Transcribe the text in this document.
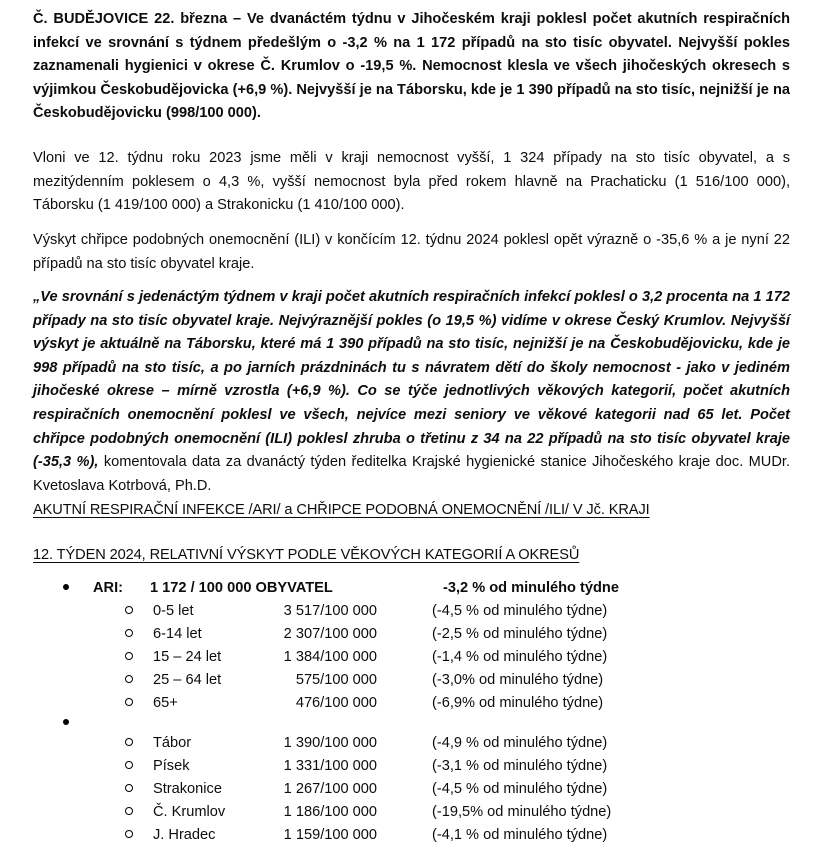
Č. BUDĚJOVICE 22. března – Ve dvanáctém týdnu v Jihočeském kraji poklesl počet akutních respiračních infekcí ve srovnání s týdnem předešlým o -3,2 % na 1 172 případů na sto tisíc obyvatel. Nejvyšší pokles zaznamenali hygienici v okrese Č. Krumlov o -19,5 %. Nemocnost klesla ve všech jihočeských okresech s výjimkou Českobudějovicka (+6,9 %). Nejvyšší je na Táborsku, kde je 1 390 případů na sto tisíc, nejnižší je na Českobudějovicku (998/100 000).

Vloni ve 12. týdnu roku 2023 jsme měli v kraji nemocnost vyšší, 1 324 případy na sto tisíc obyvatel, a s mezitýdenním poklesem o 4,3 %, vyšší nemocnost byla před rokem hlavně na Prachaticku (1 516/100 000), Táborsku (1 419/100 000) a Strakonicku (1 410/100 000).

Výskyt chřipce podobných onemocnění (ILI) v končícím 12. týdnu 2024 poklesl opět výrazně o -35,6 % a je nyní 22 případů na sto tisíc obyvatel kraje.

„Ve srovnání s jedenáctým týdnem v kraji počet akutních respiračních infekcí poklesl o 3,2 procenta na 1 172 případy na sto tisíc obyvatel kraje. Nejvýraznější pokles (o 19,5 %) vidíme v okrese Český Krumlov. Nejvyšší výskyt je aktuálně na Táborsku, které má 1 390 případů na sto tisíc, nejnižší je na Českobudějovicku, kde je 998 případů na sto tisíc, a po jarních prázdninách tu s návratem dětí do školy nemocnost - jako v jediném jihočeské okrese – mírně vzrostla (+6,9 %). Co se týče jednotlivých věkových kategorií, počet akutních respiračních onemocnění poklesl ve všech, nejvíce mezi seniory ve věkové kategorii nad 65 let. Počet chřipce podobných onemocnění (ILI) poklesl zhruba o třetinu z 34 na 22 případů na sto tisíc obyvatel kraje (-35,3 %), komentovala data za dvanáctý týden ředitelka Krajské hygienické stanice Jihočeského kraje doc. MUDr. Kvetoslava Kotrbová, Ph.D.

AKUTNÍ RESPIRAČNÍ INFEKCE /ARI/ a CHŘIPCE PODOBNÁ ONEMOCNĚNÍ /ILI/ V Jč. KRAJI
12. TÝDEN 2024, RELATIVNÍ VÝSKYT PODLE VĚKOVÝCH KATEGORIÍ A OKRESŮ
ARI:	1 172 / 100 000 OBYVATEL	-3,2 % od minulého týdne
0-5 let	3 517/100 000	(-4,5 % od minulého týdne)
6-14 let	2 307/100 000	(-2,5 % od minulého týdne)
15 – 24 let	1 384/100 000	(-1,4 % od minulého týdne)
25 – 64 let	575/100 000	(-3,0% od minulého týdne)
65+	476/100 000	(-6,9% od minulého týdne)
Tábor	1 390/100 000	(-4,9 % od minulého týdne)
Písek	1 331/100 000	(-3,1 % od minulého týdne)
Strakonice	1 267/100 000	(-4,5 % od minulého týdne)
Č. Krumlov	1 186/100 000	(-19,5% od minulého týdne)
J. Hradec	1 159/100 000	(-4,1 % od minulého týdne)
